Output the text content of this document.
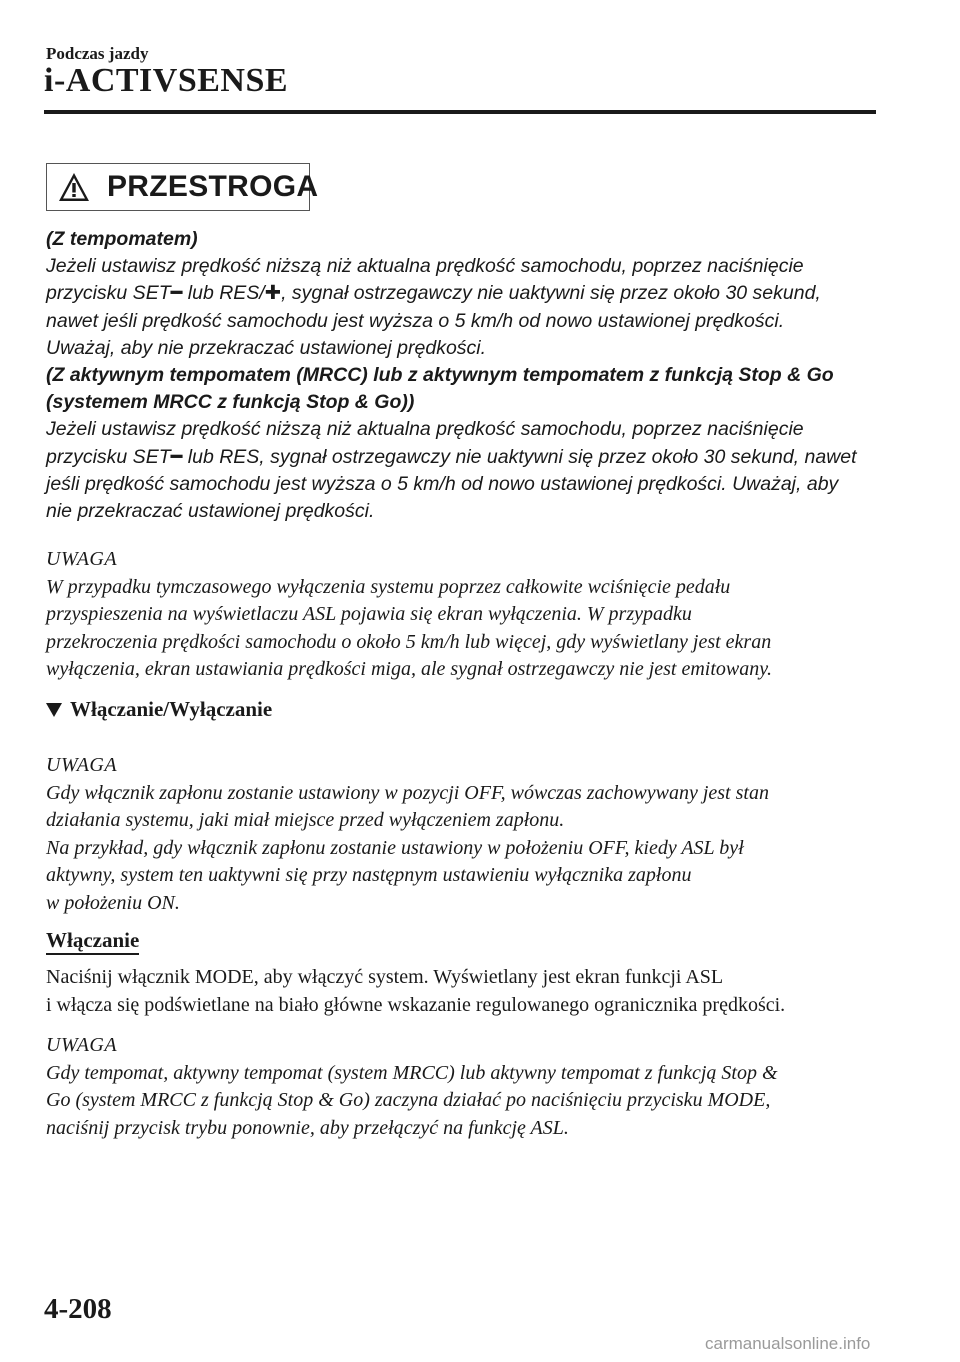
Podczas jazdy
i-ACTIVSENSE
PRZESTROGA

(Z tempomatem)

Jeżeli ustawisz prędkość niższą niż aktualna prędkość samochodu, poprzez naciśnięcie

przycisku SET━ lub RES/✚, sygnał ostrzegawczy nie uaktywni się przez około 30 sekund,

nawet jeśli prędkość samochodu jest wyższa o 5 km/h od nowo ustawionej prędkości.

Uważaj, aby nie przekraczać ustawionej prędkości.

(Z aktywnym tempomatem (MRCC) lub z aktywnym tempomatem z funkcją Stop & Go

(systemem MRCC z funkcją Stop & Go))

Jeżeli ustawisz prędkość niższą niż aktualna prędkość samochodu, poprzez naciśnięcie

przycisku SET━ lub RES, sygnał ostrzegawczy nie uaktywni się przez około 30 sekund, nawet

jeśli prędkość samochodu jest wyższa o 5 km/h od nowo ustawionej prędkości. Uważaj, aby

nie przekraczać ustawionej prędkości.

UWAGA

W przypadku tymczasowego wyłączenia systemu poprzez całkowite wciśnięcie pedału

przyspieszenia na wyświetlaczu ASL pojawia się ekran wyłączenia. W przypadku

przekroczenia prędkości samochodu o około 5 km/h lub więcej, gdy wyświetlany jest ekran

wyłączenia, ekran ustawiania prędkości miga, ale sygnał ostrzegawczy nie jest emitowany.

Włączanie/Wyłączanie

UWAGA

Gdy włącznik zapłonu zostanie ustawiony w pozycji OFF, wówczas zachowywany jest stan

działania systemu, jaki miał miejsce przed wyłączeniem zapłonu.

Na przykład, gdy włącznik zapłonu zostanie ustawiony w położeniu OFF, kiedy ASL był

aktywny, system ten uaktywni się przy następnym ustawieniu wyłącznika zapłonu

w położeniu ON.

Włączanie

Naciśnij włącznik MODE, aby włączyć system. Wyświetlany jest ekran funkcji ASL

i włącza się podświetlane na biało główne wskazanie regulowanego ogranicznika prędkości.

UWAGA

Gdy tempomat, aktywny tempomat (system MRCC) lub aktywny tempomat z funkcją Stop &

Go (system MRCC z funkcją Stop & Go) zaczyna działać po naciśnięciu przycisku MODE,

naciśnij przycisk trybu ponownie, aby przełączyć na funkcję ASL.

4-208
carmanualsonline.info
